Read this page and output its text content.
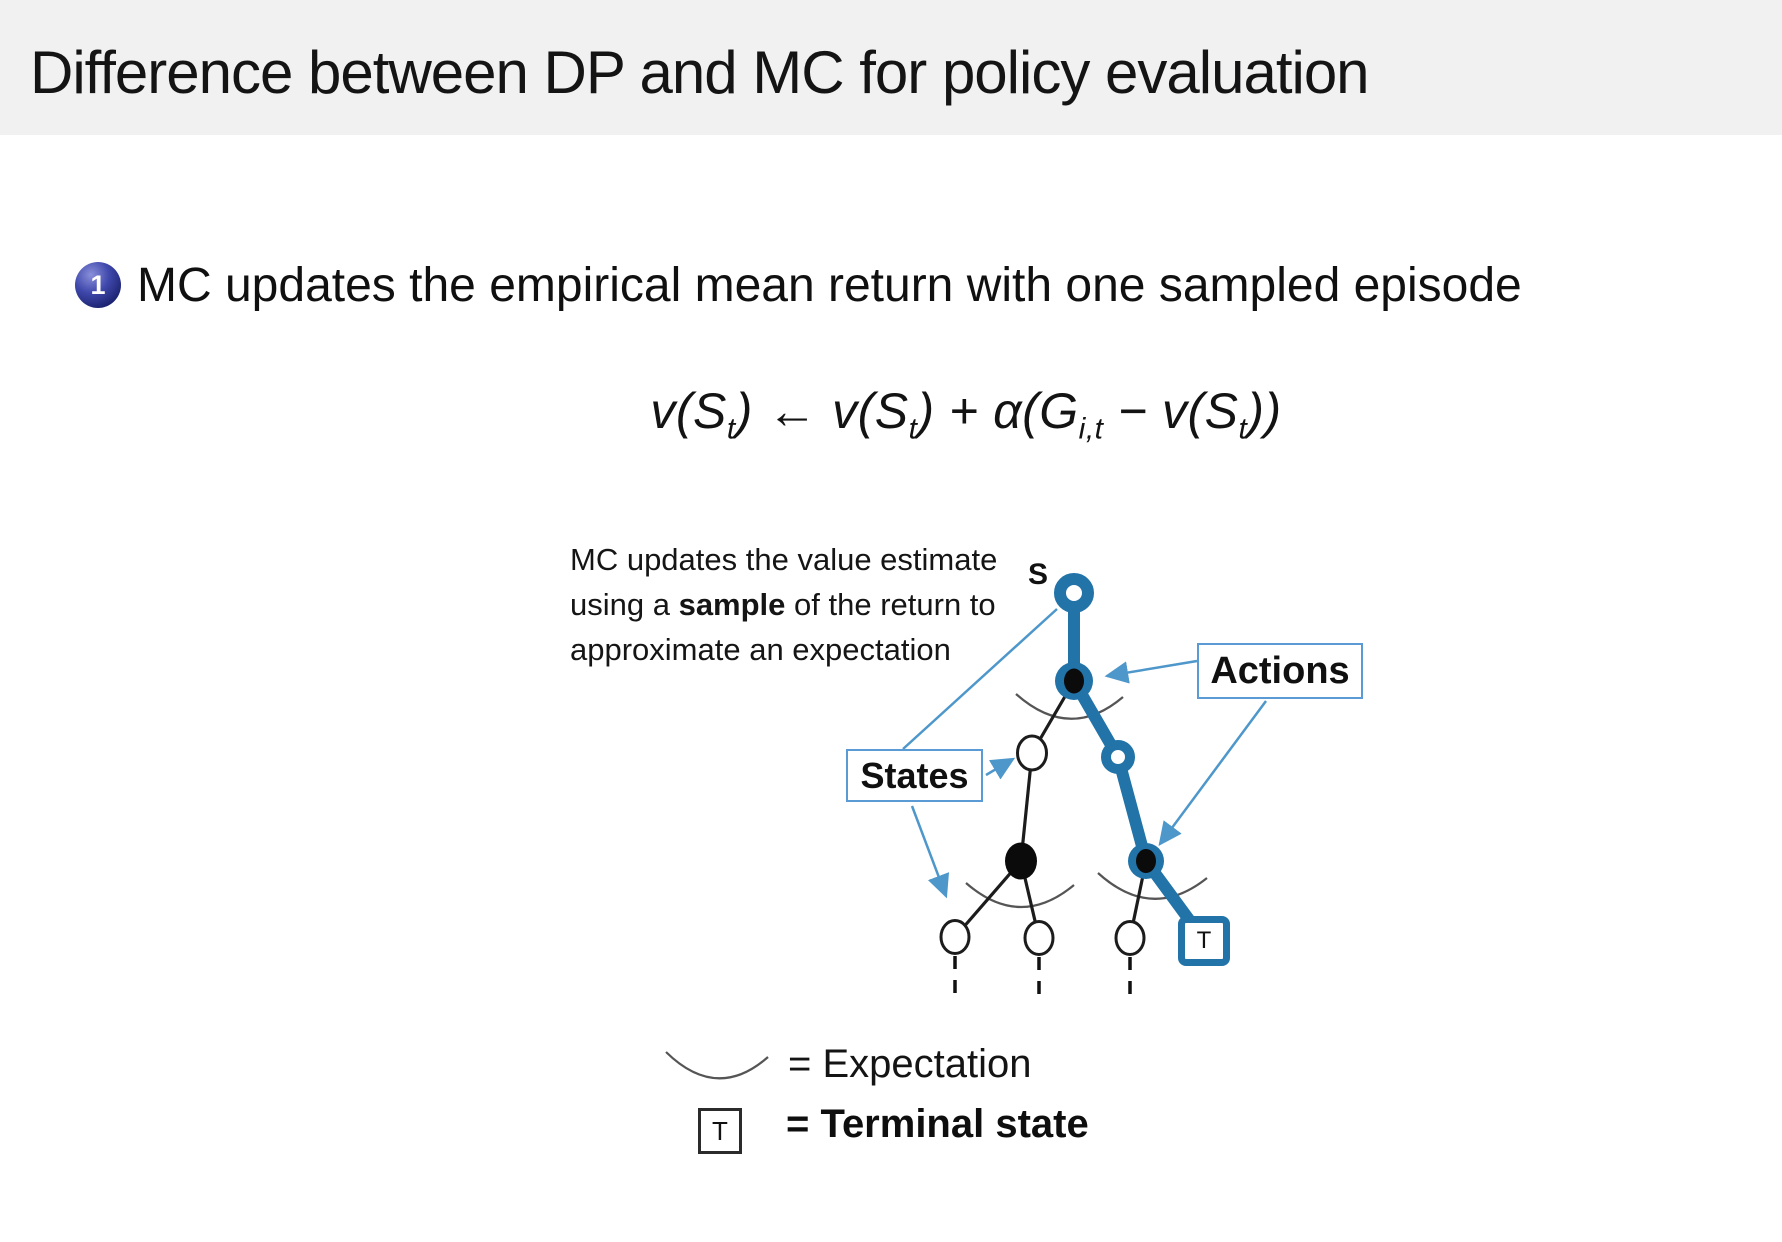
Difference between DP and MC for policy evaluation
1 MC updates the empirical mean return with one sampled episode
$v(S_t)$ ← $v(S_t) + \alpha(G_{i,t} - v(S_t))$
MC updates the value estimate
using a sample of the return to
approximate an expectation
S
States
Actions
T
= Expectation
T = Terminal state
